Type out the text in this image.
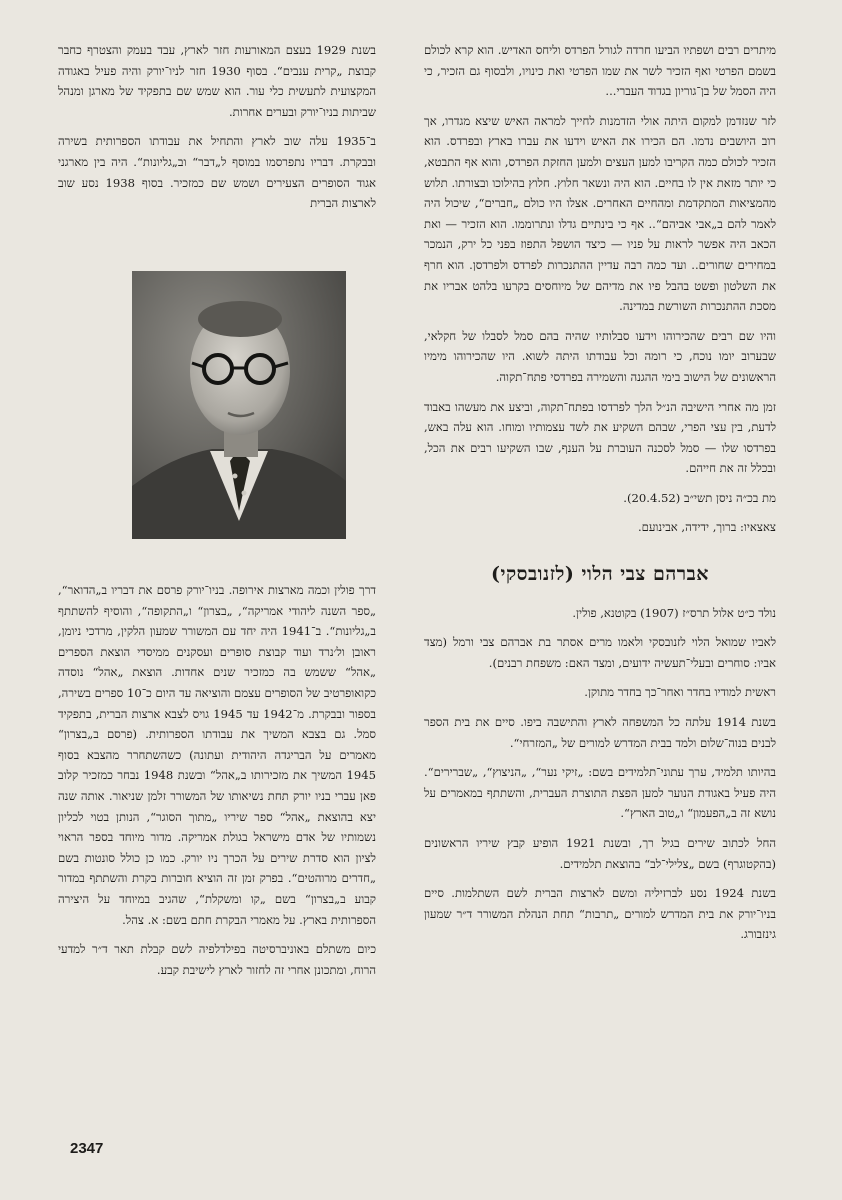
מיתרים רבים ושפתיו הביעו חרדה לגורל הפרדס וליחס האדיש. הוא קרא לכולם בשמם הפרטי ואף הזכיר לשר את שמו הפרטי ואת כינויו, ולבסוף גם הזכיר, כי היה הסמל של בן־גוריון בגדוד העברי...

לזר שנזדמן למקום היתה אולי הזדמנות לחייך למראה האיש שיצא מגדרו, אך רוב היושבים נדמו. הם הכירו את האיש וידעו את עברו בארץ ובפרדס. הוא הזכיר לכולם כמה הקריבו למען העצים ולמען החזקת הפרדס, והוא אף התבטא, כי יותר מזאת אין לו בחיים. הוא היה ונשאר חלוץ. חלוץ בהילוכו ובצורתו. תלוש מהמציאות המתקדמת ומהחיים האחרים. אצלו היו כולם „חברים“, שיכול היה לאמר להם ב„אבי אביהם“.. אף כי בינתיים גדלו ונתרוממו. הוא הזכיר — ואת הכאב היה אפשר לראות על פניו — כיצד הושפל התפוז בפני כל ירק, הנמכר במחירים שחורים.. ועד כמה רבה עדיין ההתנכרות לפרדס ולפרדסן. הוא חרף את השלטון ופשט בהבל פיו את מדיהם של מיוחסים בקרעו בלהט אבריו את מסכת ההתנכרות השורשת במדינה.

והיו שם רבים שהכירוהו וידעו סבלותיו שהיה בהם סמל לסבלו של חקלאי, שבערוב יומו נוכח, כי רומה וכל עבודתו היתה לשוא. היו שהכירוהו מימיו הראשונים של הישוב בימי ההגנה והשמירה בפרדסי פתח־תקוה.

זמן מה אחרי הישיבה הנ״ל הלך לפרדסו בפתח־תקוה, וביצע את מעשהו באבוד לדעת, בין עצי הפרי, שבהם השקיע את לשד עצמותיו ומוחו. הוא עלה באש, בפרדסו שלו — סמל לסכנה העוברת על הענף, שבו השקיעו רבים את הכל, ובכלל זה את חייהם.

מת בכ״ה ניסן תשי״ב (20.4.52).

צאצאיו: ברוך, ידידה, אבינועם.

אברהם צבי הלוי (לזנובסקי)

נולד כ״ט אלול תרס״ז (1907) בקוטנא, פולין.

לאביו שמואל הלוי לזנובסקי ולאמו מרים אסתר בת אברהם צבי ורמל (מצד אביו: סוחרים ובעלי־תעשיה ידועים, ומצד האם: משפחת רבנים).

ראשית למודיו בחדר ואחר־כך בחדר מתוקן.

בשנת 1914 עלתה כל המשפחה לארץ והתישבה ביפו. סיים את בית הספר לבנים בנוה־שלום ולמד בבית המדרש למורים של „המזרחי“.

בהיותו תלמיד, ערך עתוני־תלמידים בשם: „זיקי נער“, „הניצוץ“, „שברירים“. היה פעיל באגודת הנוער למען הפצת התוצרת העברית, והשתתף במאמרים על נושא זה ב„הפעמון“ ו„טוב הארץ“.

החל לכתוב שירים בגיל רך, ובשנת 1921 הופיע קבץ שיריו הראשונים (בהקטוגרף) בשם „צלילי־לב“ בהוצאת תלמידים.

בשנת 1924 נסע לברזיליה ומשם לארצות הברית לשם השתלמות. סיים בניו־יורק את בית המדרש למורים „תרבות“ תחת הנהלת המשורר ד״ר שמעון גינזבורג.

בשנת 1929 בעצם המאורעות חזר לארץ, עבד בעמק והצטרף כחבר קבוצת „קרית ענבים“. בסוף 1930 חזר לניו־יורק והיה פעיל באגודה המקצועית לתעשית כלי עור. הוא שמש שם בתפקיד של מארגן ומנהל שביתות בניו־יורק ובערים אחרות.

ב־1935 עלה שוב לארץ והתחיל את עבודתו הספרותית בשירה ובבקרת. דבריו נתפרסמו במוסף ל„דבר“ וב„גליונות“. היה בין מארגני אגוד הסופרים הצעירים ושמש שם כמזכיר. בסוף 1938 נסע שוב לארצות הברית

דרך פולין וכמה מארצות אירופה. בניו־יורק פרסם את דבריו ב„הדואר“, „ספר השנה ליהודי אמריקה“, „בצרון“ ו„התקופה“, והוסיף להשתתף ב„גליונות“. ב־1941 היה יחד עם המשורר שמעון הלקין, מרדכי ניומן, ראובן ול׳נרד ועוד קבוצת סופרים ועסקנים ממיסדי הוצאת הספרים „אהל“ ששמש בה כמזכיר שנים אחדות. הוצאת „אהל“ נוסדה כקואופרטיב של הסופרים עצמם והוציאה עד היום כ־10 ספרים בשירה, בספור ובבקרת. מ־1942 עד 1945 גויס לצבא ארצות הברית, בתפקיד סמל. גם בצבא המשיך את עבודתו הספרותית. (פרסם ב„בצרון“ מאמרים על הבריגדה היהודית ועתונה) כשהשתחרר מהצבא בסוף 1945 המשיך את מזכירותו ב„אהל“ ובשנת 1948 נבחר כמזכיר קלוב פאן עברי בניו יורק תחת נשיאותו של המשורר זלמן שניאור. אותה שנה יצא בהוצאת „אהל“ ספר שיריו „מתוך הסוגר“, הנותן בטוי לכליון נשמותיו של אדם מישראל בגולת אמריקה. מדור מיוחד בספר הראוי לציון הוא סדרת שירים על הכרך ניו יורק. כמו כן כולל סונטות בשם „חדרים מרוהטים“. בפרק זמן זה הוציא חוברות בקרת והשתתף במדור קבוע ב„בצרון“ בשם „קו ומשקלת“, שהגיב במיוחד על היצירה הספרותית בארץ. על מאמרי הבקרת חתם בשם: א. צהל.

כיום משתלם באוניברסיטה בפילדלפיה לשם קבלת תאר ד״ר למדעי הרוח, ומתכונן אחרי זה לחזור לארץ לישיבת קבע.

2347
